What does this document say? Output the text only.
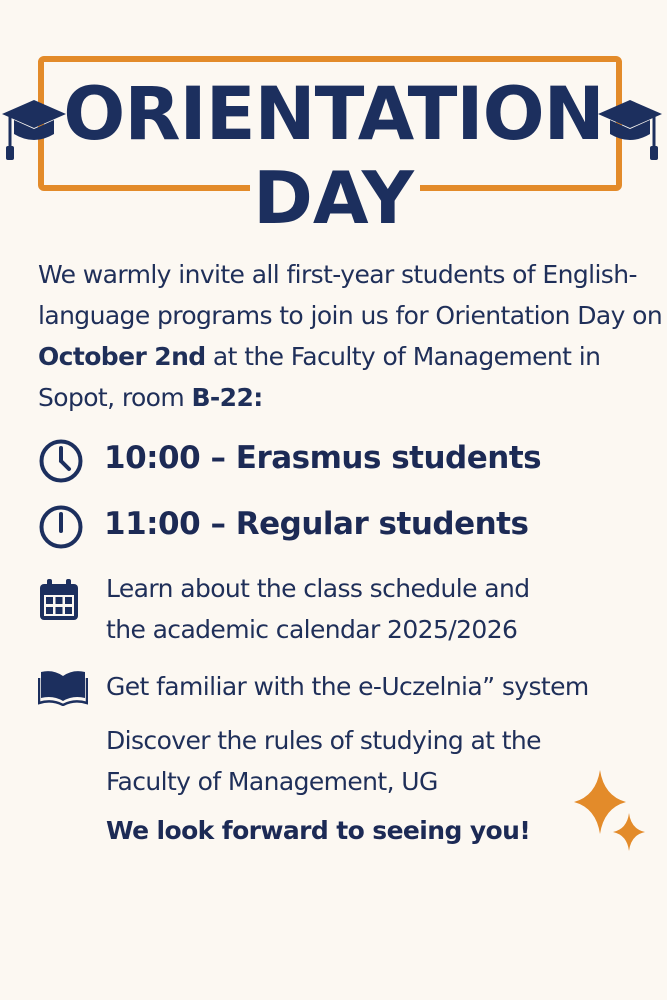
ORIENTATION
DAY
We warmly invite all first-year students of English-language programs to join us for Orientation Day on October 2nd at the Faculty of Management in Sopot, room B-22:
10:00 – Erasmus students
11:00 – Regular students
Learn about the class schedule and
the academic calendar 2025/2026
Get familiar with the e-Uczelnia” system
Discover the rules of studying at the
Faculty of Management, UG
We look forward to seeing you!
